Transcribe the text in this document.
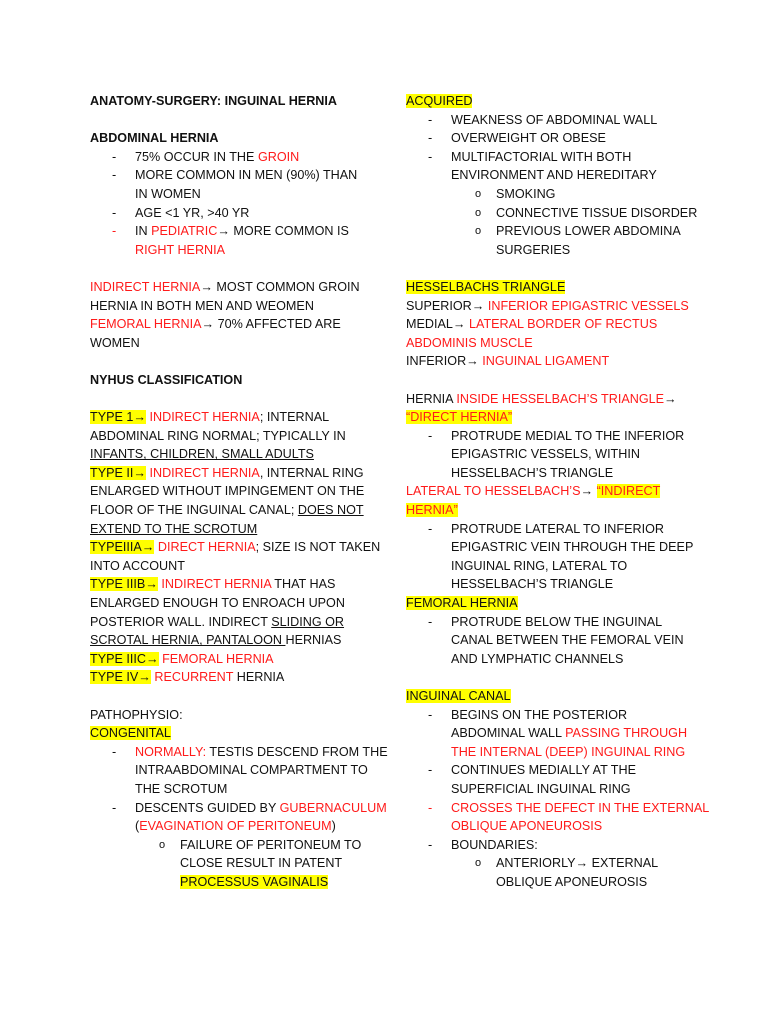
ANATOMY-SURGERY: INGUINAL HERNIA
ABDOMINAL HERNIA
- 75% OCCUR IN THE GROIN
- MORE COMMON IN MEN (90%) THAN
IN WOMEN
- AGE <1 YR, >40 YR
- IN PEDIATRIC→ MORE COMMON IS
RIGHT HERNIA
INDIRECT HERNIA→ MOST COMMON GROIN
HERNIA IN BOTH MEN AND WEOMEN
FEMORAL HERNIA→ 70% AFFECTED ARE
WOMEN
NYHUS CLASSIFICATION
TYPE 1→ INDIRECT HERNIA; INTERNAL
ABDOMINAL RING NORMAL; TYPICALLY IN
INFANTS, CHILDREN, SMALL ADULTS
TYPE II→ INDIRECT HERNIA, INTERNAL RING
ENLARGED WITHOUT IMPINGEMENT ON THE
FLOOR OF THE INGUINAL CANAL; DOES NOT
EXTEND TO THE SCROTUM
TYPEIIIA→ DIRECT HERNIA; SIZE IS NOT TAKEN
INTO ACCOUNT
TYPE IIIB→ INDIRECT HERNIA THAT HAS
ENLARGED ENOUGH TO ENROACH UPON
POSTERIOR WALL. INDIRECT SLIDING OR
SCROTAL HERNIA, PANTALOON HERNIAS
TYPE IIIC→ FEMORAL HERNIA
TYPE IV→ RECURRENT HERNIA
PATHOPHYSIO:
CONGENITAL
- NORMALLY: TESTIS DESCEND FROM THE
INTRAABDOMINAL COMPARTMENT TO
THE SCROTUM
- DESCENTS GUIDED BY GUBERNACULUM
(EVAGINATION OF PERITONEUM)
o FAILURE OF PERITONEUM TO
CLOSE RESULT IN PATENT
PROCESSUS VAGINALIS
ACQUIRED
- WEAKNESS OF ABDOMINAL WALL
- OVERWEIGHT OR OBESE
- MULTIFACTORIAL WITH BOTH
ENVIRONMENT AND HEREDITARY
o SMOKING
o CONNECTIVE TISSUE DISORDER
o PREVIOUS LOWER ABDOMINA
SURGERIES
HESSELBACHS TRIANGLE
SUPERIOR→ INFERIOR EPIGASTRIC VESSELS
MEDIAL→ LATERAL BORDER OF RECTUS
ABDOMINIS MUSCLE
INFERIOR→ INGUINAL LIGAMENT
HERNIA INSIDE HESSELBACH’S TRIANGLE→
“DIRECT HERNIA”
- PROTRUDE MEDIAL TO THE INFERIOR
EPIGASTRIC VESSELS, WITHIN
HESSELBACH’S TRIANGLE
LATERAL TO HESSELBACH’S→ “INDIRECT
HERNIA”
- PROTRUDE LATERAL TO INFERIOR
EPIGASTRIC VEIN THROUGH THE DEEP
INGUINAL RING, LATERAL TO
HESSELBACH’S TRIANGLE
FEMORAL HERNIA
- PROTRUDE BELOW THE INGUINAL
CANAL BETWEEN THE FEMORAL VEIN
AND LYMPHATIC CHANNELS
INGUINAL CANAL
- BEGINS ON THE POSTERIOR
ABDOMINAL WALL PASSING THROUGH
THE INTERNAL (DEEP) INGUINAL RING
- CONTINUES MEDIALLY AT THE
SUPERFICIAL INGUINAL RING
- CROSSES THE DEFECT IN THE EXTERNAL
OBLIQUE APONEUROSIS
- BOUNDARIES:
o ANTERIORLY→ EXTERNAL
OBLIQUE APONEUROSIS
